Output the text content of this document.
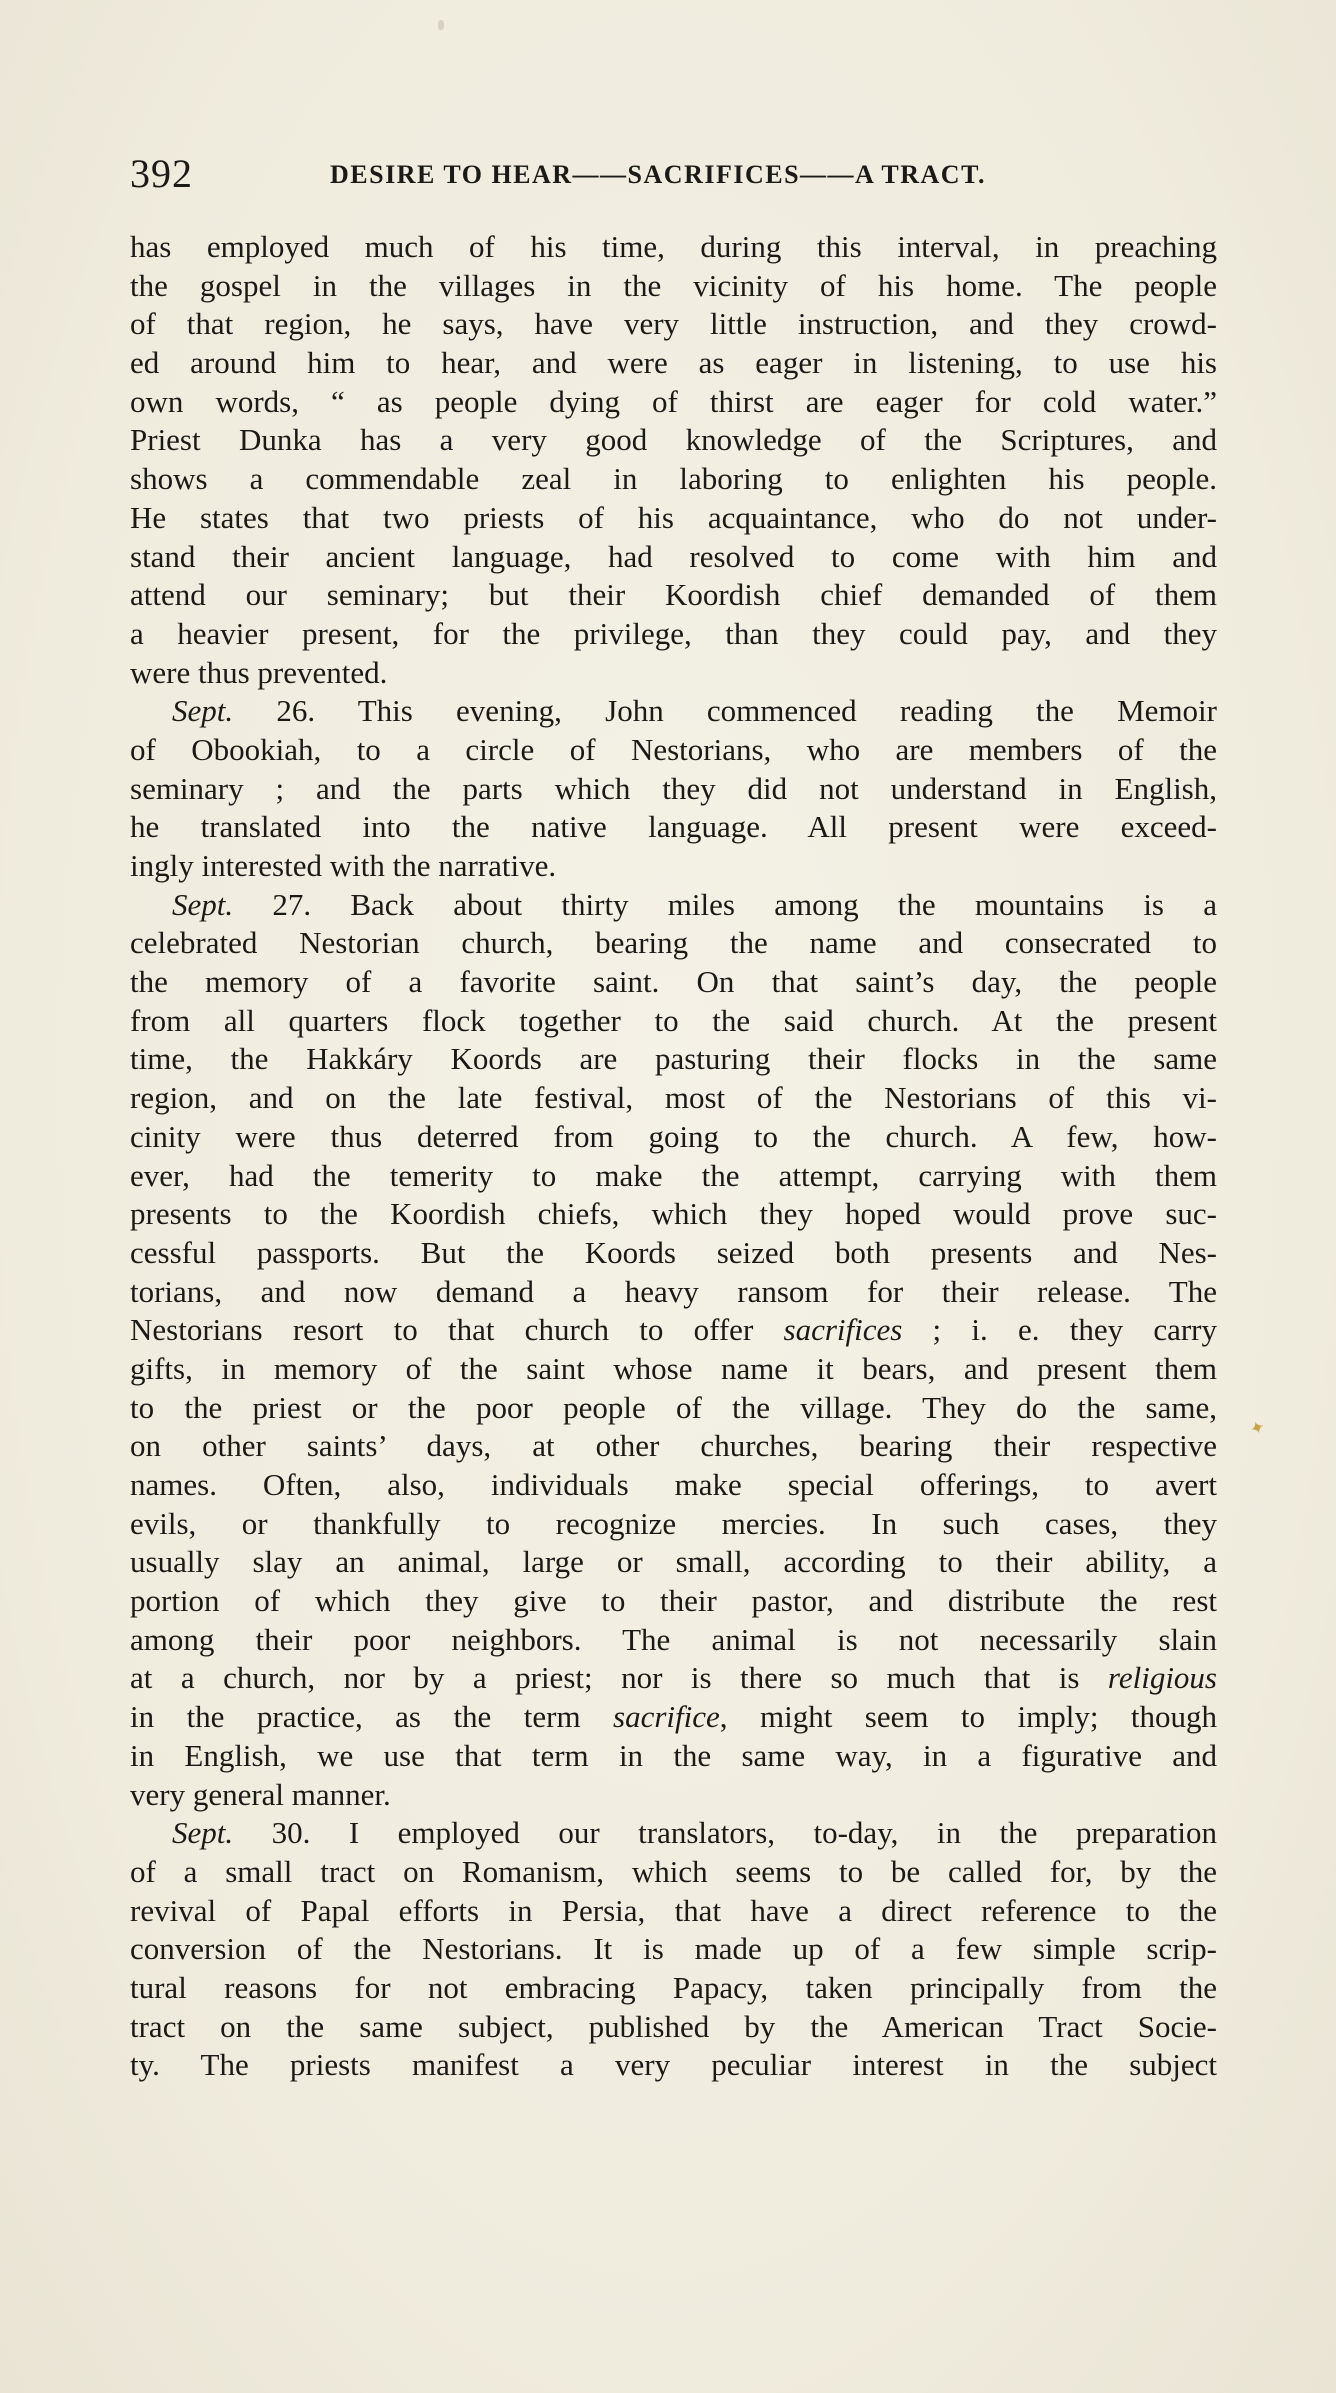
392	DESIRE TO HEAR——SACRIFICES——A TRACT.
has employed much of his time, during this interval, in preaching
the gospel in the villages in the vicinity of his home. The people
of that region, he says, have very little instruction, and they crowd-
ed around him to hear, and were as eager in listening, to use his
own words, “ as people dying of thirst are eager for cold water.”
Priest Dunka has a very good knowledge of the Scriptures, and
shows a commendable zeal in laboring to enlighten his people.
He states that two priests of his acquaintance, who do not under-
stand their ancient language, had resolved to come with him and
attend our seminary; but their Koordish chief demanded of them
a heavier present, for the privilege, than they could pay, and they
were thus prevented.
Sept. 26. This evening, John commenced reading the Memoir
of Obookiah, to a circle of Nestorians, who are members of the
seminary ; and the parts which they did not understand in English,
he translated into the native language. All present were exceed-
ingly interested with the narrative.
Sept. 27. Back about thirty miles among the mountains is a
celebrated Nestorian church, bearing the name and consecrated to
the memory of a favorite saint. On that saint’s day, the people
from all quarters flock together to the said church. At the present
time, the Hakkáry Koords are pasturing their flocks in the same
region, and on the late festival, most of the Nestorians of this vi-
cinity were thus deterred from going to the church. A few, how-
ever, had the temerity to make the attempt, carrying with them
presents to the Koordish chiefs, which they hoped would prove suc-
cessful passports. But the Koords seized both presents and Nes-
torians, and now demand a heavy ransom for their release. The
Nestorians resort to that church to offer sacrifices ; i. e. they carry
gifts, in memory of the saint whose name it bears, and present them
to the priest or the poor people of the village. They do the same,
on other saints’ days, at other churches, bearing their respective
names. Often, also, individuals make special offerings, to avert
evils, or thankfully to recognize mercies. In such cases, they
usually slay an animal, large or small, according to their ability, a
portion of which they give to their pastor, and distribute the rest
among their poor neighbors. The animal is not necessarily slain
at a church, nor by a priest; nor is there so much that is religious
in the practice, as the term sacrifice, might seem to imply; though
in English, we use that term in the same way, in a figurative and
very general manner.
Sept. 30. I employed our translators, to-day, in the preparation
of a small tract on Romanism, which seems to be called for, by the
revival of Papal efforts in Persia, that have a direct reference to the
conversion of the Nestorians. It is made up of a few simple scrip-
tural reasons for not embracing Papacy, taken principally from the
tract on the same subject, published by the American Tract Socie-
ty. The priests manifest a very peculiar interest in the subject
✦
